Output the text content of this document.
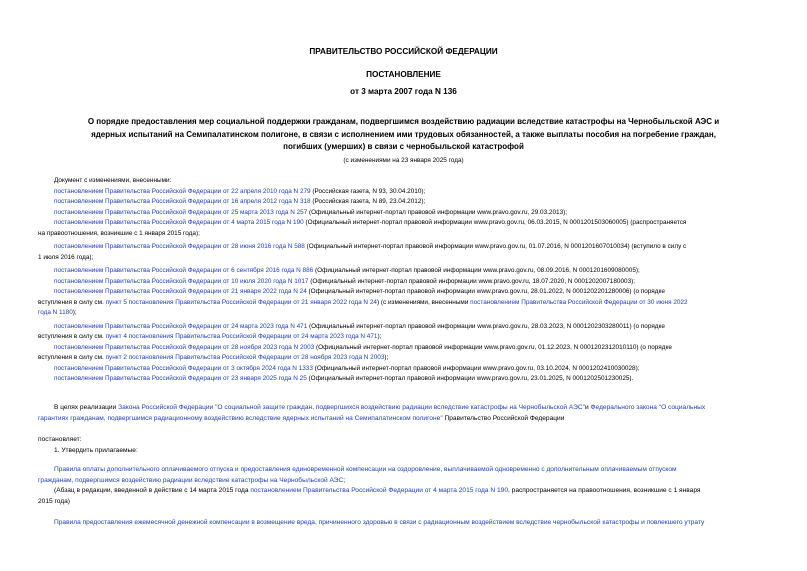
ПРАВИТЕЛЬСТВО РОССИЙСКОЙ ФЕДЕРАЦИИ
ПОСТАНОВЛЕНИЕ
от 3 марта 2007 года N 136
О порядке предоставления мер социальной поддержки гражданам, подвергшимся воздействию радиации вследствие катастрофы на Чернобыльской АЭС и
ядерных испытаний на Семипалатинском полигоне, в связи с исполнением ими трудовых обязанностей, а также выплаты пособия на погребение граждан,
погибших (умерших) в связи с чернобыльской катастрофой
(с изменениями на 23 января 2025 года)
Документ с изменениями, внесенными:
постановлением Правительства Российской Федерации от 22 апреля 2010 года N 279 (Российская газета, N 93, 30.04.2010);
постановлением Правительства Российской Федерации от 16 апреля 2012 года N 318 (Российская газета, N 89, 23.04.2012);
постановлением Правительства Российской Федерации от 25 марта 2013 года N 257 (Официальный интернет-портал правовой информации www.pravo.gov.ru, 29.03.2013);
постановлением Правительства Российской Федерации от 4 марта 2015 года N 190 (Официальный интернет-портал правовой информации www.pravo.gov.ru, 06.03.2015, N 0001201503060005) (распространяется
на правоотношения, возникшие с 1 января 2015 года);
постановлением Правительства Российской Федерации от 28 июня 2016 года N 588 (Официальный интернет-портал правовой информации www.pravo.gov.ru, 01.07.2016, N 0001201607010034) (вступило в силу с
1 июля 2016 года);
постановлением Правительства Российской Федерации от 6 сентября 2016 года N 886 (Официальный интернет-портал правовой информации www.pravo.gov.ru, 08.09.2016, N 0001201609080005);
постановлением Правительства Российской Федерации от 10 июля 2020 года N 1017 (Официальный интернет-портал правовой информации www.pravo.gov.ru, 18.07.2020, N 0001202007180003);
постановлением Правительства Российской Федерации от 21 января 2022 года N 24 (Официальный интернет-портал правовой информации www.pravo.gov.ru, 28.01.2022, N 0001202201280006) (о порядке
вступления в силу см. пункт 5 постановления Правительства Российской Федерации от 21 января 2022 года N 24) (с изменениями, внесенными постановлением Правительства Российской Федерации от 30 июня 2022
года N 1180);
постановлением Правительства Российской Федерации от 24 марта 2023 года N 471 (Официальный интернет-портал правовой информации www.pravo.gov.ru, 28.03.2023, N 0001202303280011) (о порядке
вступления в силу см. пункт 4 постановления Правительства Российской Федерации от 24 марта 2023 года N 471);
постановлением Правительства Российской Федерации от 28 ноября 2023 года N 2003 (Официальный интернет-портал правовой информации www.pravo.gov.ru, 01.12.2023, N 0001202312010110) (о порядке
вступления в силу см. пункт 2 постановления Правительства Российской Федерации от 28 ноября 2023 года N 2003);
постановлением Правительства Российской Федерации от 3 октября 2024 года N 1333 (Официальный интернет-портал правовой информации www.pravo.gov.ru, 03.10.2024, N 0001202410030028);
постановлением Правительства Российской Федерации от 23 января 2025 года N 25 (Официальный интернет-портал правовой информации www.pravo.gov.ru, 23.01.2025, N 0001202501230025).
В целях реализации Закона Российской Федерации "О социальной защите граждан, подвергшихся воздействию радиации вследствие катастрофы на Чернобыльской АЭС"и Федерального закона "О социальных
гарантиях гражданам, подвергшимся радиационному воздействию вследствие ядерных испытаний на Семипалатинском полигоне" Правительство Российской Федерации
постановляет:
1. Утвердить прилагаемые:
Правила оплаты дополнительного оплачиваемого отпуска и предоставления единовременной компенсации на оздоровление, выплачиваемой одновременно с дополнительным оплачиваемым отпуском
гражданам, подвергшимся воздействию радиации вследствие катастрофы на Чернобыльской АЭС;
(Абзац в редакции, введенной в действие с 14 марта 2015 года постановлением Правительства Российской Федерации от 4 марта 2015 года N 190, распространяется на правоотношения, возникшие с 1 января
2015 года)
Правила предоставления ежемесячной денежной компенсации в возмещение вреда, причиненного здоровью в связи с радиационным воздействием вследствие чернобыльской катастрофы и повлекшего утрату
